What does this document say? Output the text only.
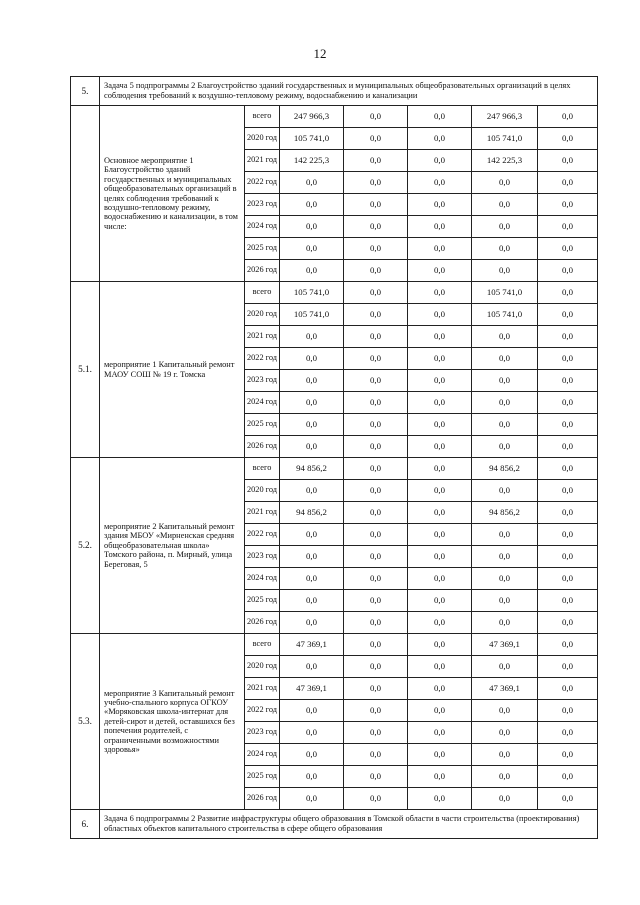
12
5.	Задача 5 подпрограммы 2 Благоустройство зданий государственных и муниципальных общеобразовательных организаций в целях соблюдения требований к воздушно-тепловому режиму, водоснабжению и канализации						
	Основное мероприятие 1 Благоустройство зданий государственных и муниципальных общеобразовательных организаций в целях соблюдения требований к воздушно-тепловому режиму, водоснабжению и канализации, в том числе:	всего	247 966,3	0,0	0,0	247 966,3	0,0
		2020 год	105 741,0	0,0	0,0	105 741,0	0,0
		2021 год	142 225,3	0,0	0,0	142 225,3	0,0
		2022 год	0,0	0,0	0,0	0,0	0,0
		2023 год	0,0	0,0	0,0	0,0	0,0
		2024 год	0,0	0,0	0,0	0,0	0,0
		2025 год	0,0	0,0	0,0	0,0	0,0
		2026 год	0,0	0,0	0,0	0,0	0,0
5.1.	мероприятие 1 Капитальный ремонт МАОУ СОШ № 19 г. Томска	всего	105 741,0	0,0	0,0	105 741,0	0,0
		2020 год	105 741,0	0,0	0,0	105 741,0	0,0
		2021 год	0,0	0,0	0,0	0,0	0,0
		2022 год	0,0	0,0	0,0	0,0	0,0
		2023 год	0,0	0,0	0,0	0,0	0,0
		2024 год	0,0	0,0	0,0	0,0	0,0
		2025 год	0,0	0,0	0,0	0,0	0,0
		2026 год	0,0	0,0	0,0	0,0	0,0
5.2.	мероприятие 2 Капитальный ремонт здания МБОУ «Мирненская средняя общеобразовательная школа» Томского района, п. Мирный, улица Береговая, 5	всего	94 856,2	0,0	0,0	94 856,2	0,0
		2020 год	0,0	0,0	0,0	0,0	0,0
		2021 год	94 856,2	0,0	0,0	94 856,2	0,0
		2022 год	0,0	0,0	0,0	0,0	0,0
		2023 год	0,0	0,0	0,0	0,0	0,0
		2024 год	0,0	0,0	0,0	0,0	0,0
		2025 год	0,0	0,0	0,0	0,0	0,0
		2026 год	0,0	0,0	0,0	0,0	0,0
5.3.	мероприятие 3 Капитальный ремонт учебно-спального корпуса ОГКОУ «Моряковская школа-интернат для детей-сирот и детей, оставшихся без попечения родителей, с ограниченными возможностями здоровья»	всего	47 369,1	0,0	0,0	47 369,1	0,0
		2020 год	0,0	0,0	0,0	0,0	0,0
		2021 год	47 369,1	0,0	0,0	47 369,1	0,0
		2022 год	0,0	0,0	0,0	0,0	0,0
		2023 год	0,0	0,0	0,0	0,0	0,0
		2024 год	0,0	0,0	0,0	0,0	0,0
		2025 год	0,0	0,0	0,0	0,0	0,0
		2026 год	0,0	0,0	0,0	0,0	0,0
6.	Задача 6 подпрограммы 2 Развитие инфраструктуры общего образования в Томской области в части строительства (проектирования) областных объектов капитального строительства в сфере общего образования						
